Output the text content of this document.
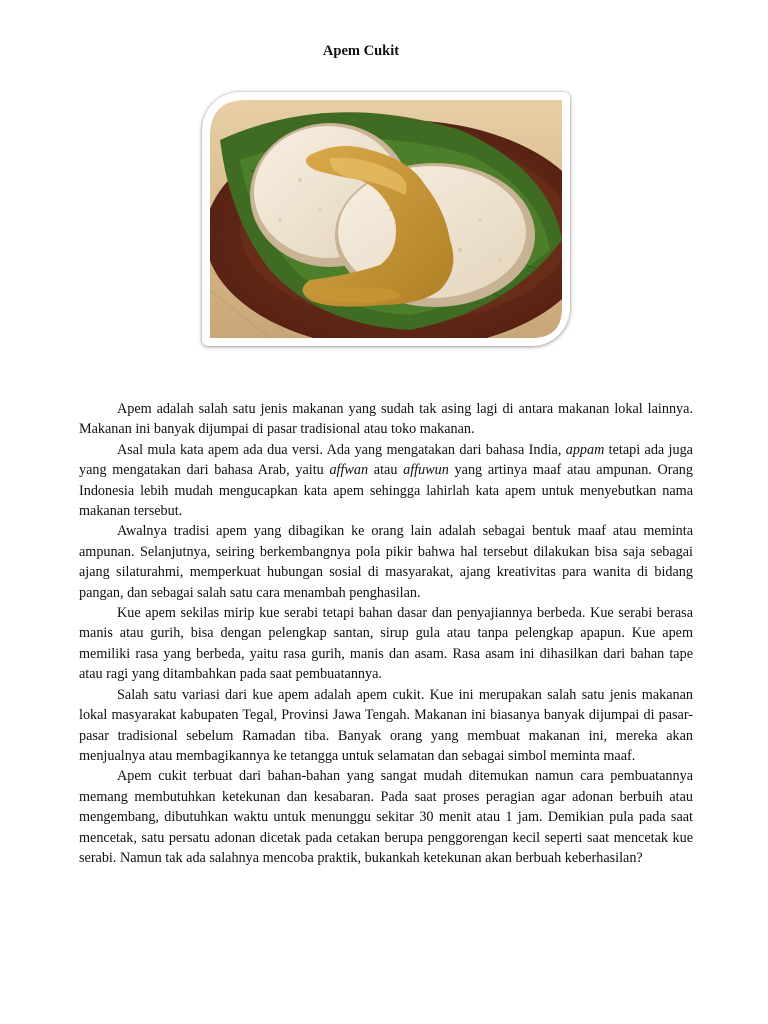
Apem Cukit

Apem adalah salah satu jenis makanan yang sudah tak asing lagi di antara makanan lokal lainnya. Makanan ini banyak dijumpai di pasar tradisional atau toko makanan.

Asal mula kata apem ada dua versi. Ada yang mengatakan dari bahasa India, appam tetapi ada juga yang mengatakan dari bahasa Arab, yaitu affwan atau affuwun yang artinya maaf atau ampunan. Orang Indonesia lebih mudah mengucapkan kata apem sehingga lahirlah kata apem untuk menyebutkan nama makanan tersebut.

Awalnya tradisi apem yang dibagikan ke orang lain adalah sebagai bentuk maaf atau meminta ampunan. Selanjutnya, seiring berkembangnya pola pikir bahwa hal tersebut dilakukan bisa saja sebagai ajang silaturahmi, memperkuat hubungan sosial di masyarakat, ajang kreativitas para wanita di bidang pangan, dan sebagai salah satu cara menambah penghasilan.

Kue apem sekilas mirip kue serabi tetapi bahan dasar dan penyajiannya berbeda. Kue serabi berasa manis atau gurih, bisa dengan pelengkap santan, sirup gula atau tanpa pelengkap apapun. Kue apem memiliki rasa yang berbeda, yaitu rasa gurih, manis dan asam. Rasa asam ini dihasilkan dari bahan tape atau ragi yang ditambahkan pada saat pembuatannya.

Salah satu variasi dari kue apem adalah apem cukit. Kue ini merupakan salah satu jenis makanan lokal masyarakat kabupaten Tegal, Provinsi Jawa Tengah. Makanan ini biasanya banyak dijumpai di pasar-pasar tradisional sebelum Ramadan tiba. Banyak orang yang membuat makanan ini, mereka akan menjualnya atau membagikannya ke tetangga untuk selamatan dan sebagai simbol meminta maaf.

Apem cukit terbuat dari bahan-bahan yang sangat mudah ditemukan namun cara pembuatannya memang membutuhkan ketekunan dan kesabaran. Pada saat proses peragian agar adonan berbuih atau mengembang, dibutuhkan waktu untuk menunggu sekitar 30 menit atau 1 jam. Demikian pula pada saat mencetak, satu persatu adonan dicetak pada cetakan berupa penggorengan kecil seperti saat mencetak kue serabi. Namun tak ada salahnya mencoba praktik, bukankah ketekunan akan berbuah keberhasilan?
